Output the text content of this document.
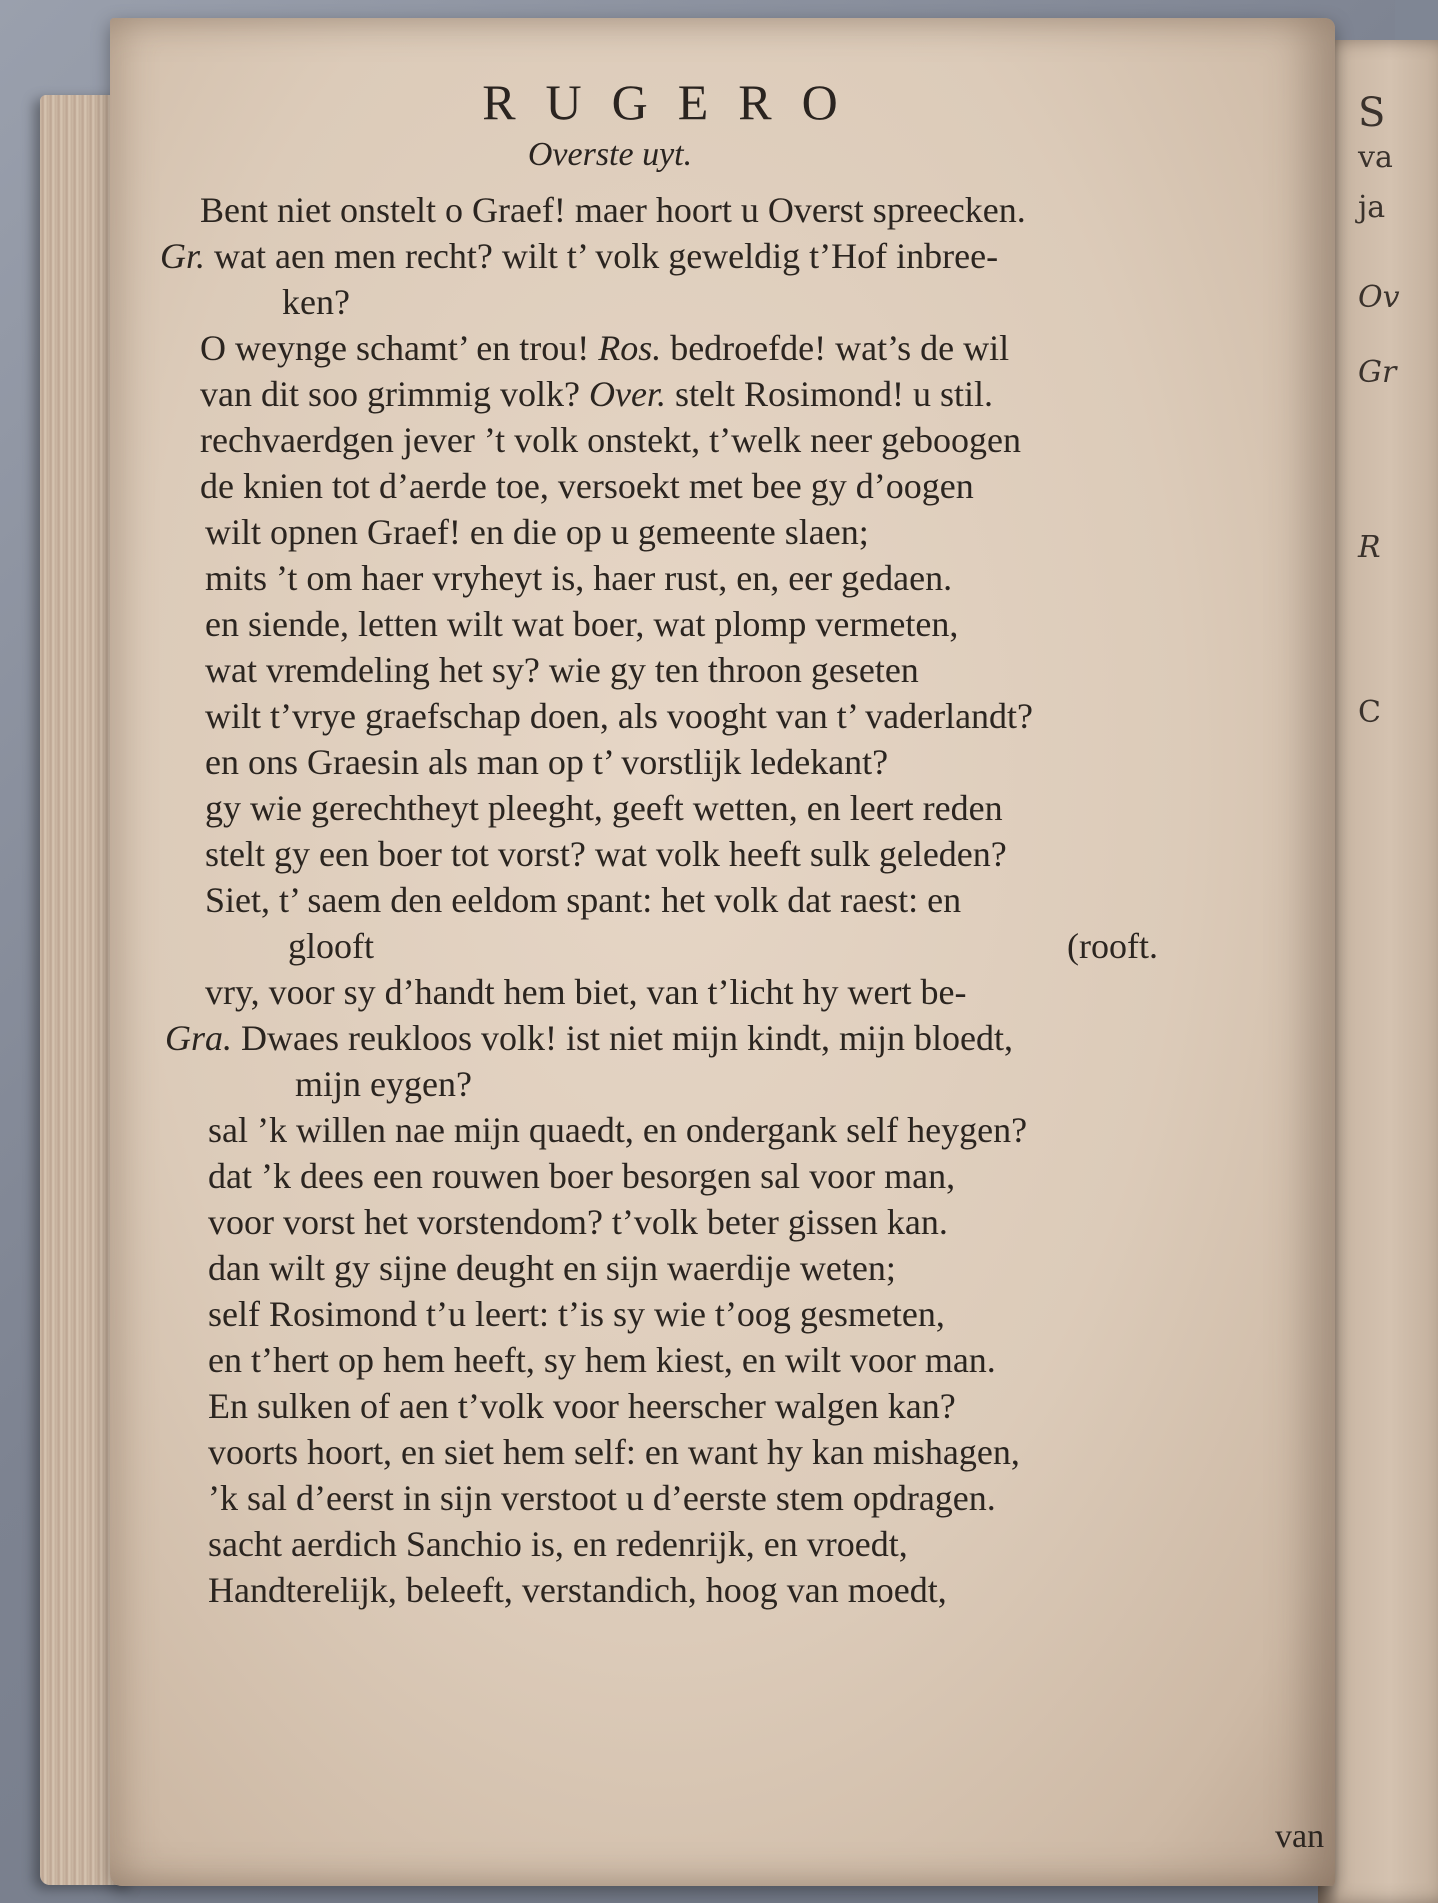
S
va
ja
Ov
Gr
R
C
RUGERO
Overste uyt.
Bent niet onstelt o Graef! maer hoort u Overst spreecken.
Gr. wat aen men recht? wilt t’ volk geweldig t’Hof inbree-
ken?
O weynge schamt’ en trou! Ros. bedroefde! wat’s de wil
van dit soo grimmig volk? Over. stelt Rosimond! u stil.
rechvaerdgen jever ’t volk onstekt, t’welk neer geboogen
de knien tot d’aerde toe, versoekt met bee gy d’oogen
wilt opnen Graef! en die op u gemeente slaen;
mits ’t om haer vryheyt is, haer rust, en, eer gedaen.
en siende, letten wilt wat boer, wat plomp vermeten,
wat vremdeling het sy? wie gy ten throon geseten
wilt t’vrye graefschap doen, als vooght van t’ vaderlandt?
en ons Graesin als man op t’ vorstlijk ledekant?
gy wie gerechtheyt pleeght, geeft wetten, en leert reden
stelt gy een boer tot vorst? wat volk heeft sulk geleden?
Siet, t’ saem den eeldom spant: het volk dat raest: en
glooft	(rooft.
vry, voor sy d’handt hem biet, van t’licht hy wert be-
Gra. Dwaes reukloos volk! ist niet mijn kindt, mijn bloedt,
mijn eygen?
sal ’k willen nae mijn quaedt, en ondergank self heygen?
dat ’k dees een rouwen boer besorgen sal voor man,
voor vorst het vorstendom? t’volk beter gissen kan.
dan wilt gy sijne deught en sijn waerdije weten;
self Rosimond t’u leert: t’is sy wie t’oog gesmeten,
en t’hert op hem heeft, sy hem kiest, en wilt voor man.
En sulken of aen t’volk voor heerscher walgen kan?
voorts hoort, en siet hem self: en want hy kan mishagen,
’k sal d’eerst in sijn verstoot u d’eerste stem opdragen.
sacht aerdich Sanchio is, en redenrijk, en vroedt,
Handterelijk, beleeft, verstandich, hoog van moedt,
van
